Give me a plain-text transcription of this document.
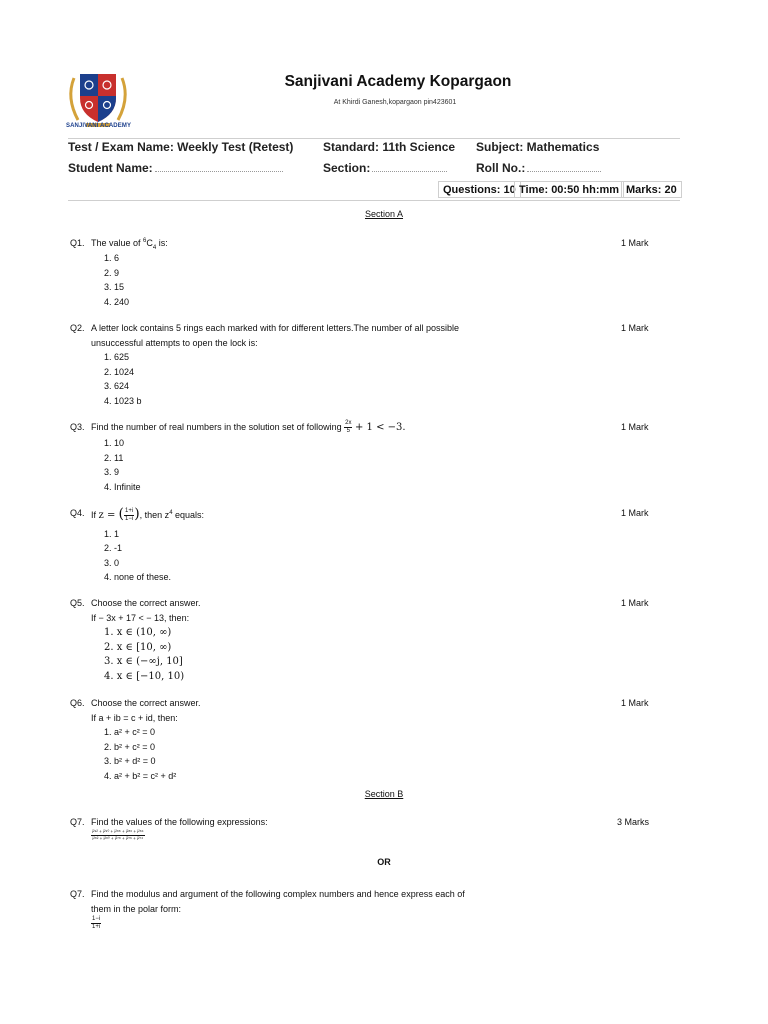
SANJIVANI ACADEMY
Sanjivani Academy Kopargaon
At Khirdi Ganesh,kopargaon pin423601
Test / Exam Name: Weekly Test (Retest) Standard: 11th Science Subject: Mathematics
Student Name:	Section:	Roll No.:
Questions: 10 Time: 00:50 hh:mm Marks: 20
Section A
Q1. The value of $^6C_4$ is:	1 Mark
1. 6
2. 9
3. 15
4. 240
Q2. A letter lock contains 5 rings each marked with for different letters.The number of all possible	1 Mark
unsuccessful attempts to open the lock is:
1. 625
2. 1024
3. 624
4. 1023 b
Q3. Find the number of real numbers in the solution set of following $\frac{2x}{5} + 1 < -3$.	1 Mark
1. 10
2. 11
3. 9
4. Infinite
Q4. If z = ( $\frac{1+i}{1-i}$ ), then $z^4$ equals:	1 Mark
1. 1
2. -1
3. 0
4. none of these.
Q5. Choose the correct answer.	1 Mark
If − 3x + 17 < − 13, then:
1. x ∈ (10, ∞)
2. x ∈ [10, ∞)
3. x ∈ (−∞j, 10]
4. x ∈ [−10, 10)
Q6. Choose the correct answer.	1 Mark
If a + ib = c + id, then:
1. a² + c² = 0
2. b² + c² = 0
3. b² + d² = 0
4. a² + b² = c² + d²
Section B
Q7. Find the values of the following expressions:	3 Marks
$\frac{\text{i²⁹² + i²⁹⁰ + i²⁸⁸ + i²⁸⁶ + i²⁸⁴}}{\text{i²⁸² + i²⁸⁰ + i²⁷⁸ + i²⁷⁶ + i²⁷⁴}}$
OR
Q7. Find the modulus and argument of the following complex numbers and hence express each of
them in the polar form:
$\frac{1-i}{1+i}$
